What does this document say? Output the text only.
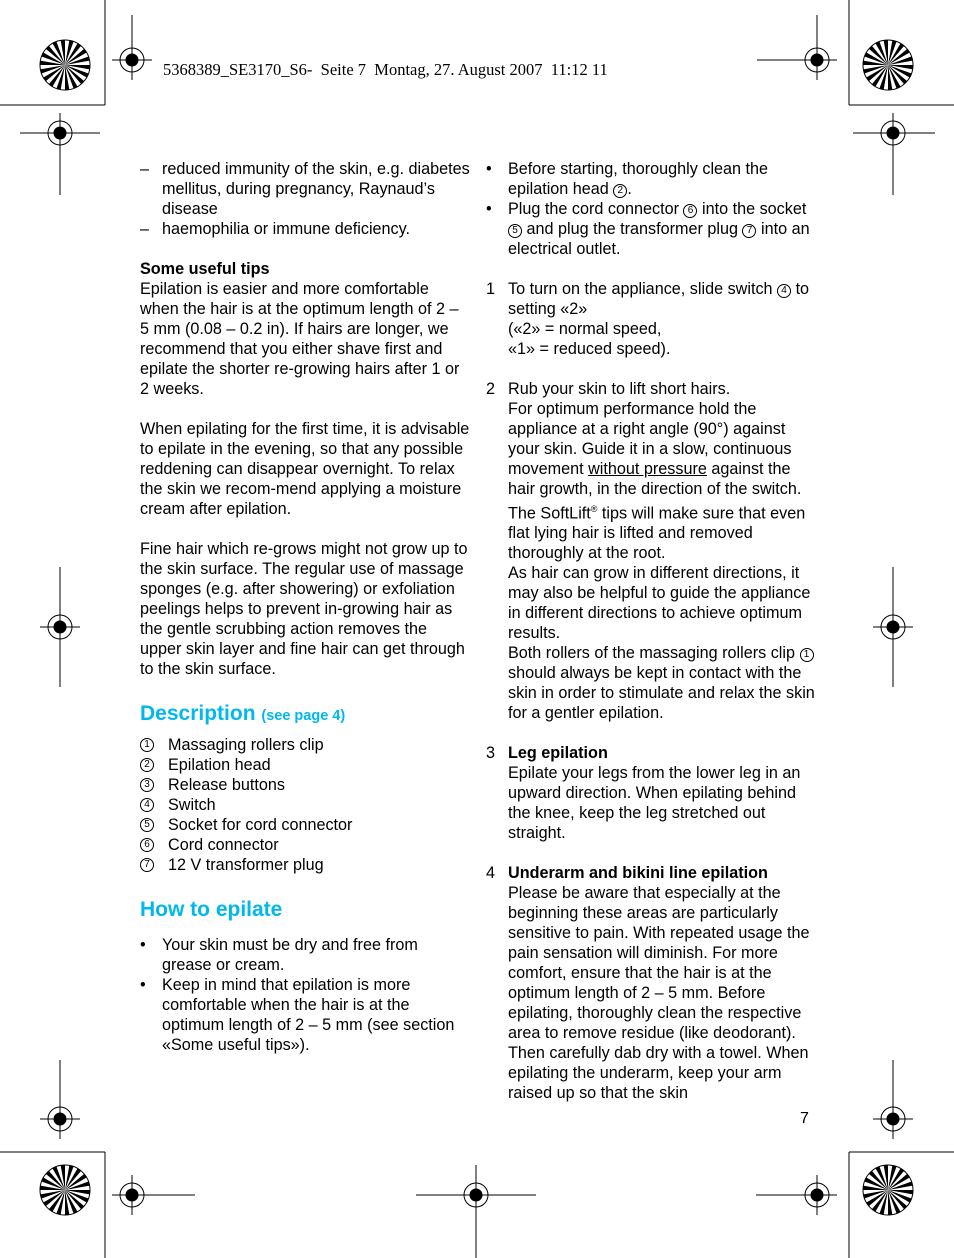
5368389_SE3170_S6-  Seite 7  Montag, 27. August 2007  11:12 11

– reduced immunity of the skin, e.g. diabetes mellitus, during pregnancy, Raynaud’s disease

– haemophilia or immune deficiency.

Some useful tips

Epilation is easier and more comfortable when the hair is at the optimum length of 2 – 5 mm (0.08 – 0.2 in). If hairs are longer, we recommend that you either shave first and epilate the shorter re-growing hairs after 1 or 2 weeks.

When epilating for the first time, it is advisable to epilate in the evening, so that any possible reddening can disappear overnight. To relax the skin we recom-mend applying a moisture cream after epilation.

Fine hair which re-grows might not grow up to the skin surface. The regular use of massage sponges (e.g. after showering) or exfoliation peelings helps to prevent in-growing hair as the gentle scrubbing action removes the upper skin layer and fine hair can get through to the skin surface.

Description (see page 4)

1 Massaging rollers clip

2 Epilation head

3 Release buttons

4 Switch

5 Socket for cord connector

6 Cord connector

7 12 V transformer plug

How to epilate

• Your skin must be dry and free from grease or cream.

• Keep in mind that epilation is more comfortable when the hair is at the optimum length of 2 – 5 mm (see section «Some useful tips»).

• Before starting, thoroughly clean the epilation head 2 .

• Plug the cord connector 6 into the socket 5 and plug the transformer plug 7 into an electrical outlet.

1 To turn on the appliance, slide switch 4 to setting «2»

(«2» = normal speed,

«1» = reduced speed).

2 Rub your skin to lift short hairs.

For optimum performance hold the appliance at a right angle (90°) against your skin. Guide it in a slow, continuous movement without pressure against the hair growth, in the direction of the switch. The SoftLift® tips will make sure that even flat lying hair is lifted and removed thoroughly at the root.

As hair can grow in different directions, it may also be helpful to guide the appliance in different directions to achieve optimum results.

Both rollers of the massaging rollers clip 1 should always be kept in contact with the skin in order to stimulate and relax the skin for a gentler epilation.

3 Leg epilation

Epilate your legs from the lower leg in an upward direction. When epilating behind the knee, keep the leg stretched out straight.

4 Underarm and bikini line epilation

Please be aware that especially at the beginning these areas are particularly sensitive to pain. With repeated usage the pain sensation will diminish. For more comfort, ensure that the hair is at the optimum length of 2 – 5 mm. Before epilating, thoroughly clean the respective area to remove residue (like deodorant). Then carefully dab dry with a towel. When epilating the underarm, keep your arm raised up so that the skin

7
